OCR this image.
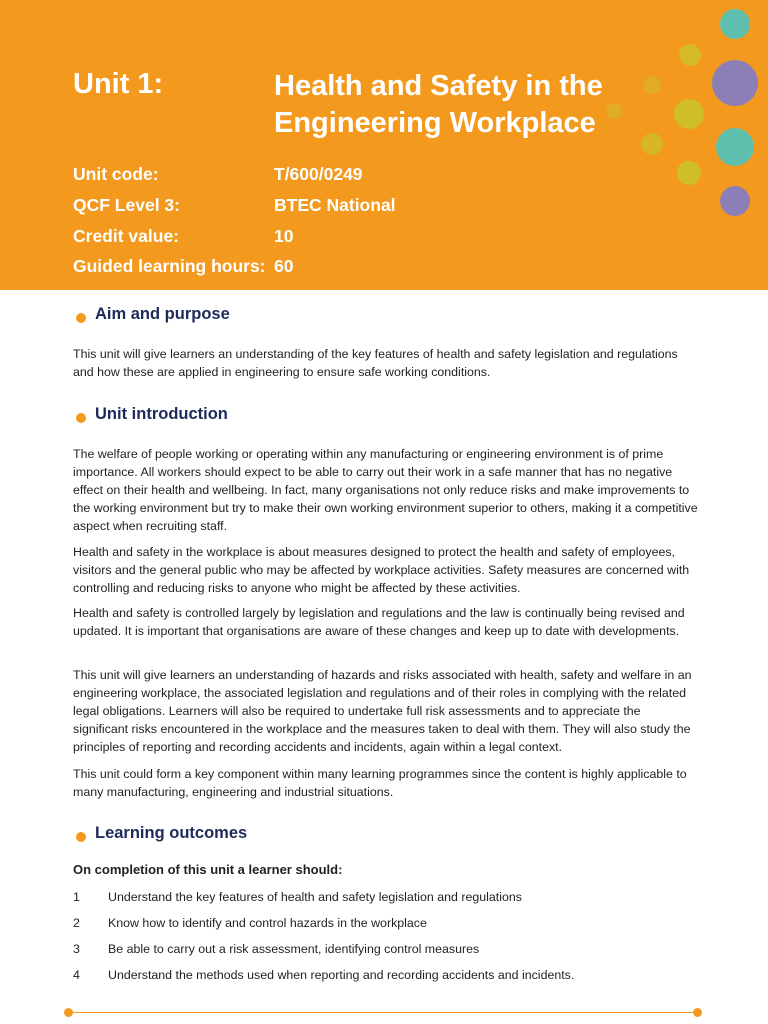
Unit 1:	Health and Safety in the Engineering Workplace
Unit code:	T/600/0249
QCF Level 3:	BTEC National
Credit value:	10
Guided learning hours: 60
Aim and purpose
This unit will give learners an understanding of the key features of health and safety legislation and regulations and how these are applied in engineering to ensure safe working conditions.
Unit introduction
The welfare of people working or operating within any manufacturing or engineering environment is of prime importance. All workers should expect to be able to carry out their work in a safe manner that has no negative effect on their health and wellbeing. In fact, many organisations not only reduce risks and make improvements to the working environment but try to make their own working environment superior to others, making it a competitive aspect when recruiting staff.
Health and safety in the workplace is about measures designed to protect the health and safety of employees, visitors and the general public who may be affected by workplace activities. Safety measures are concerned with controlling and reducing risks to anyone who might be affected by these activities.
Health and safety is controlled largely by legislation and regulations and the law is continually being revised and updated. It is important that organisations are aware of these changes and keep up to date with developments.
This unit will give learners an understanding of hazards and risks associated with health, safety and welfare in an engineering workplace, the associated legislation and regulations and of their roles in complying with the related legal obligations. Learners will also be required to undertake full risk assessments and to appreciate the significant risks encountered in the workplace and the measures taken to deal with them. They will also study the principles of reporting and recording accidents and incidents, again within a legal context.
This unit could form a key component within many learning programmes since the content is highly applicable to many manufacturing, engineering and industrial situations.
Learning outcomes
On completion of this unit a learner should:
1 Understand the key features of health and safety legislation and regulations
2 Know how to identify and control hazards in the workplace
3 Be able to carry out a risk assessment, identifying control measures
4 Understand the methods used when reporting and recording accidents and incidents.
